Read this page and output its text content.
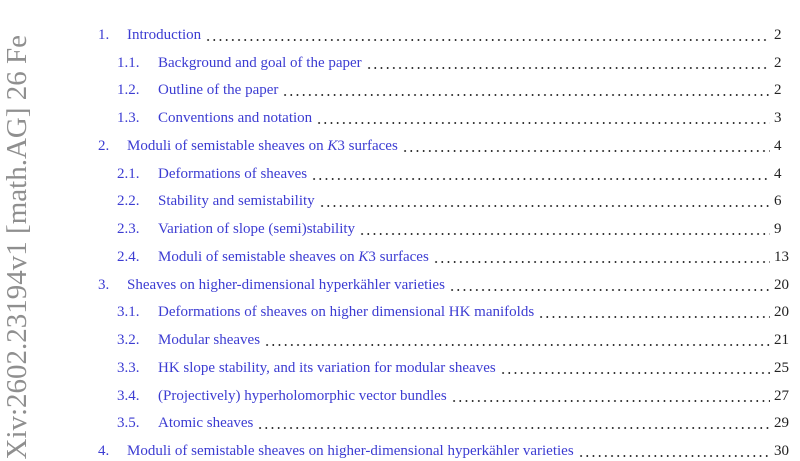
Xiv:2602.23194v1 [math.AG] 26 Fe
1.	Introduction	2
1.1.	Background and goal of the paper	2
1.2.	Outline of the paper	2
1.3.	Conventions and notation	3
2.	Moduli of semistable sheaves on K3 surfaces	4
2.1.	Deformations of sheaves	4
2.2.	Stability and semistability	6
2.3.	Variation of slope (semi)stability	9
2.4.	Moduli of semistable sheaves on K3 surfaces	13
3.	Sheaves on higher-dimensional hyperkähler varieties	20
3.1.	Deformations of sheaves on higher dimensional HK manifolds	20
3.2.	Modular sheaves	21
3.3.	HK slope stability, and its variation for modular sheaves	25
3.4.	(Projectively) hyperholomorphic vector bundles	27
3.5.	Atomic sheaves	29
4.	Moduli of semistable sheaves on higher-dimensional hyperkähler varieties	30
